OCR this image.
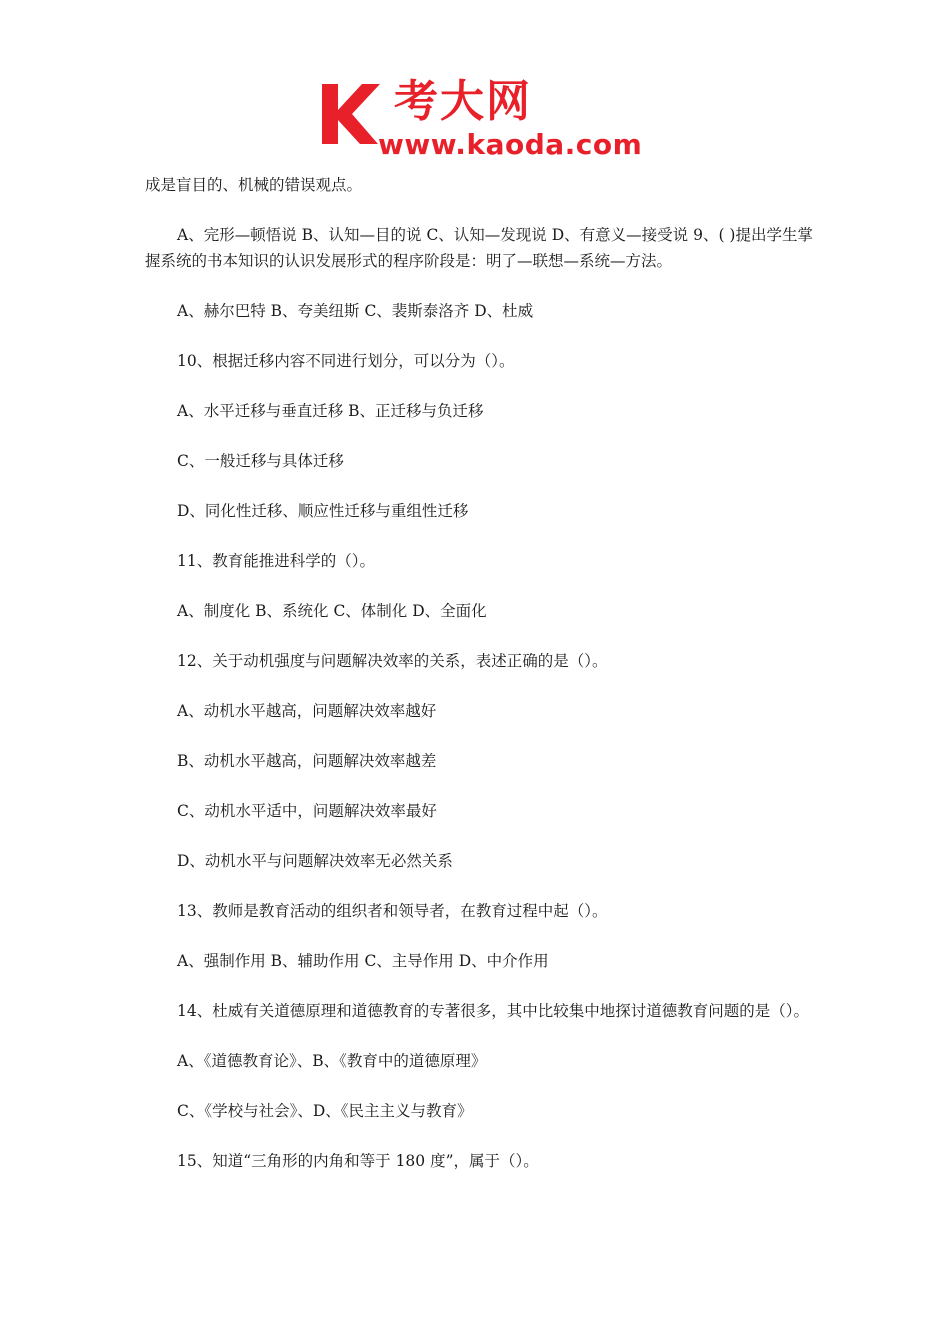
考大网
www.kaoda.com

成是盲目的、机械的错误观点。

A、完形—顿悟说 B、认知—目的说 C、认知—发现说 D、有意义—接受说 9、( )提出学生掌握系统的书本知识的认识发展形式的程序阶段是：明了—联想—系统—方法。

A、赫尔巴特 B、夸美纽斯 C、裴斯泰洛齐 D、杜威

10、根据迁移内容不同进行划分，可以分为（）。

A、水平迁移与垂直迁移 B、正迁移与负迁移

C、一般迁移与具体迁移

D、同化性迁移、顺应性迁移与重组性迁移

11、教育能推进科学的（）。

A、制度化 B、系统化 C、体制化 D、全面化

12、关于动机强度与问题解决效率的关系，表述正确的是（）。

A、动机水平越高，问题解决效率越好

B、动机水平越高，问题解决效率越差

C、动机水平适中，问题解决效率最好

D、动机水平与问题解决效率无必然关系

13、教师是教育活动的组织者和领导者，在教育过程中起（）。

A、强制作用 B、辅助作用 C、主导作用 D、中介作用

14、杜威有关道德原理和道德教育的专著很多，其中比较集中地探讨道德教育问题的是（）。

A、《道德教育论》、B、《教育中的道德原理》

C、《学校与社会》、D、《民主主义与教育》

15、知道“三角形的内角和等于 180 度”，属于（）。
